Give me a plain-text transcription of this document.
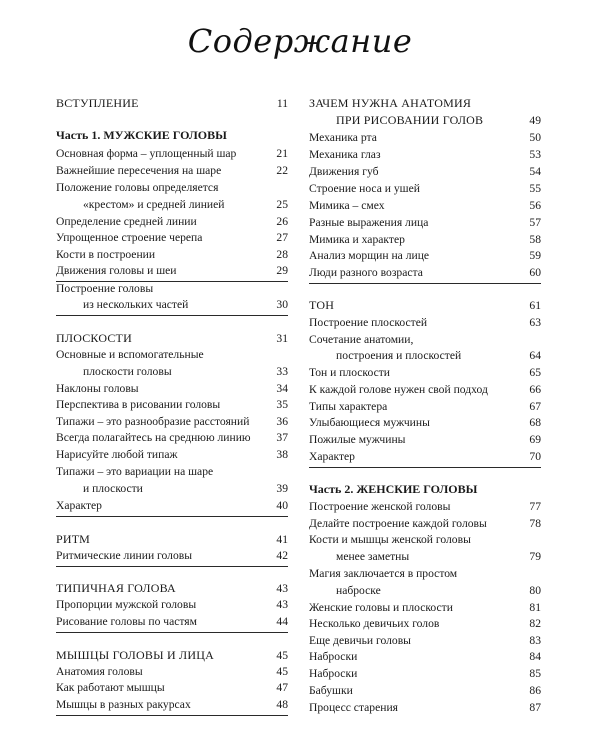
Содержание
ВСТУПЛЕНИЕ	11
Часть 1. МУЖСКИЕ ГОЛОВЫ
Основная форма – уплощенный шар	21
Важнейшие пересечения на шаре	22
Положение головы определяется
«крестом» и средней линией	25
Определение средней линии	26
Упрощенное строение черепа	27
Кости в построении	28
Движения головы и шеи	29
Построение головы
из нескольких частей	30
ПЛОСКОСТИ	31
Основные и вспомогательные
плоскости головы	33
Наклоны головы	34
Перспектива в рисовании головы	35
Типажи – это разнообразие расстояний	36
Всегда полагайтесь на среднюю линию	37
Нарисуйте любой типаж	38
Типажи – это вариации на шаре
и плоскости	39
Характер	40
РИТМ	41
Ритмические линии головы	42
ТИПИЧНАЯ ГОЛОВА	43
Пропорции мужской головы	43
Рисование головы по частям	44
МЫШЦЫ ГОЛОВЫ И ЛИЦА	45
Анатомия головы	45
Как работают мышцы	47
Мышцы в разных ракурсах	48
ЗАЧЕМ НУЖНА АНАТОМИЯ
ПРИ РИСОВАНИИ ГОЛОВ	49
Механика рта	50
Механика глаз	53
Движения губ	54
Строение носа и ушей	55
Мимика – смех	56
Разные выражения лица	57
Мимика и характер	58
Анализ морщин на лице	59
Люди разного возраста	60
ТОН	61
Построение плоскостей	63
Сочетание анатомии,
построения и плоскостей	64
Тон и плоскости	65
К каждой голове нужен свой подход	66
Типы характера	67
Улыбающиеся мужчины	68
Пожилые мужчины	69
Характер	70
Часть 2. ЖЕНСКИЕ ГОЛОВЫ
Построение женской головы	77
Делайте построение каждой головы	78
Кости и мышцы женской головы
менее заметны	79
Магия заключается в простом
наброске	80
Женские головы и плоскости	81
Несколько девичьих голов	82
Еще девичьи головы	83
Наброски	84
Наброски	85
Бабушки	86
Процесс старения	87
